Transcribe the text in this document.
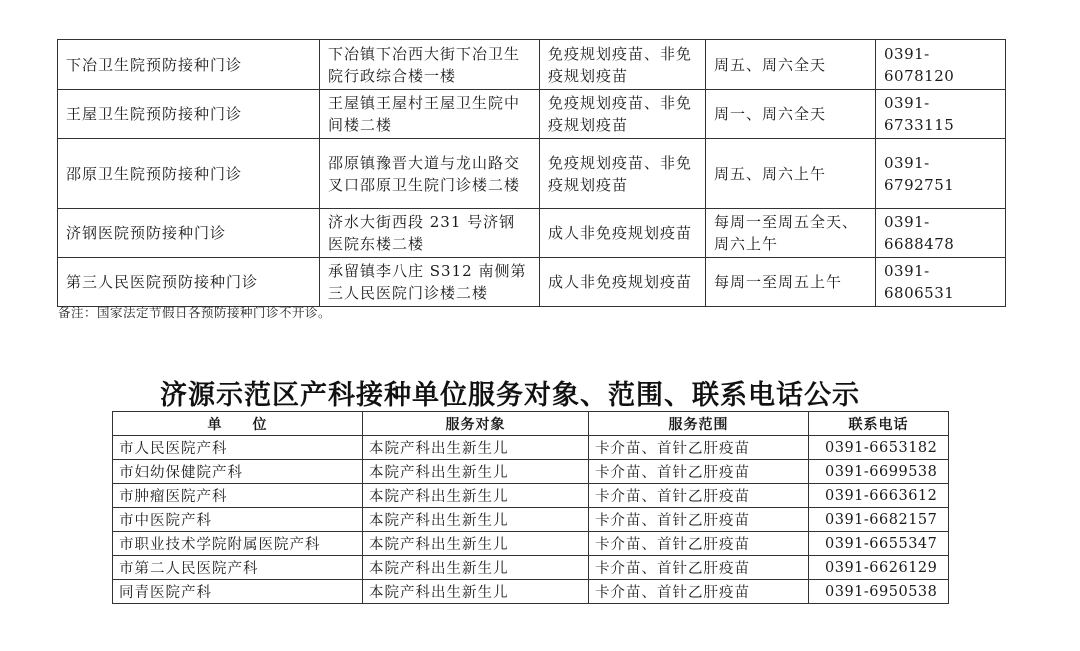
下冶卫生院预防接种门诊	下冶镇下冶西大街下冶卫生院行政综合楼一楼	免疫规划疫苗、非免疫规划疫苗	周五、周六全天	0391-6078120
王屋卫生院预防接种门诊	王屋镇王屋村王屋卫生院中间楼二楼	免疫规划疫苗、非免疫规划疫苗	周一、周六全天	0391-6733115
邵原卫生院预防接种门诊	邵原镇豫晋大道与龙山路交叉口邵原卫生院门诊楼二楼	免疫规划疫苗、非免疫规划疫苗	周五、周六上午	0391-6792751
济钢医院预防接种门诊	济水大街西段 231 号济钢医院东楼二楼	成人非免疫规划疫苗	每周一至周五全天、周六上午	0391-6688478
第三人民医院预防接种门诊	承留镇李八庄 S312 南侧第三人民医院门诊楼二楼	成人非免疫规划疫苗	每周一至周五上午	0391-6806531
备注：国家法定节假日各预防接种门诊不开诊。
济源示范区产科接种单位服务对象、范围、联系电话公示
单　　位	服务对象	服务范围	联系电话
市人民医院产科	本院产科出生新生儿	卡介苗、首针乙肝疫苗	0391-6653182
市妇幼保健院产科	本院产科出生新生儿	卡介苗、首针乙肝疫苗	0391-6699538
市肿瘤医院产科	本院产科出生新生儿	卡介苗、首针乙肝疫苗	0391-6663612
市中医院产科	本院产科出生新生儿	卡介苗、首针乙肝疫苗	0391-6682157
市职业技术学院附属医院产科	本院产科出生新生儿	卡介苗、首针乙肝疫苗	0391-6655347
市第二人民医院产科	本院产科出生新生儿	卡介苗、首针乙肝疫苗	0391-6626129
同青医院产科	本院产科出生新生儿	卡介苗、首针乙肝疫苗	0391-6950538
